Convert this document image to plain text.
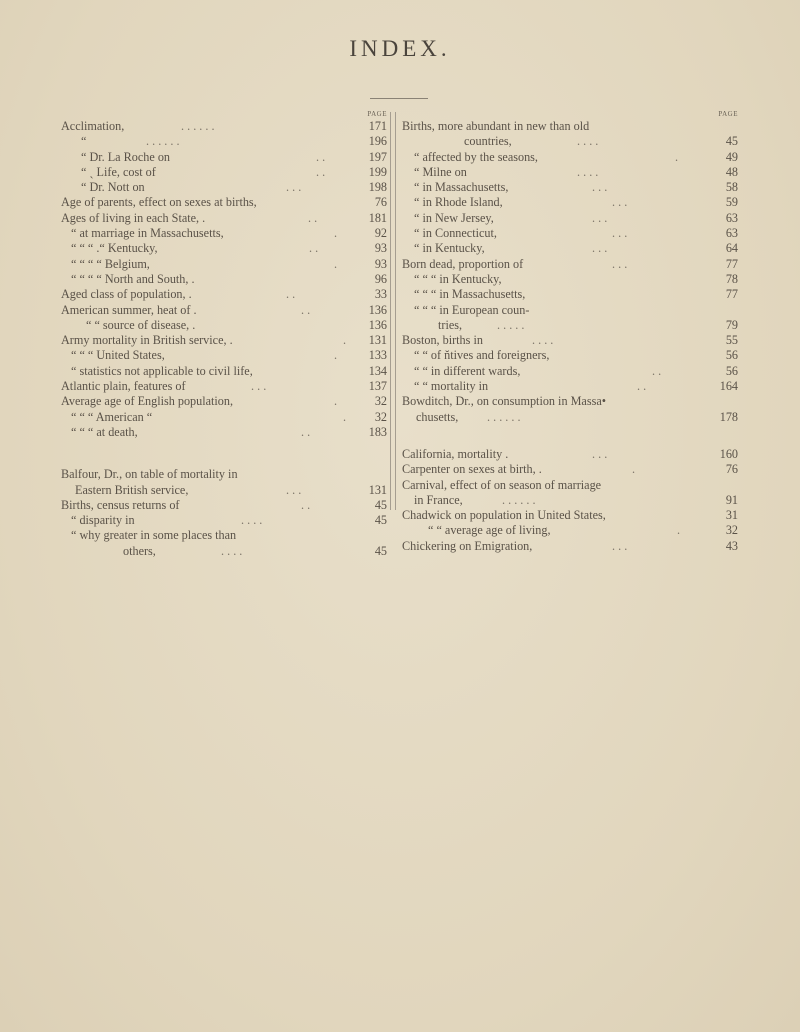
INDEX.
PAGE
Acclimation,	. . . . . .	171
“	. . . . . .	196
“ Dr. La Roche on	. .	197
“ ˎ Life, cost of	. .	199
“ Dr. Nott on	. . .	198
Age of parents, effect on sexes at births,	76
Ages of living in each State, .	. .	181
“ at marriage in Massachusetts,	.	92
“ “ “ .“ Kentucky,	. .	93
“ “ “ “ Belgium,	.	93
“ “ “ “ North and South, .	96
Aged class of population, .	. .	33
American summer, heat of .	. .	136
“ “ source of disease, .	136
Army mortality in British service, .	. 131
“ “ “ United States,	.	133
“ statistics not applicable to civil life,	134
Atlantic plain, features of	. . .	137
Average age of English population,	.	32
“ “ “ American “	. 32
“ “ “ at death,	. .	183
Balfour, Dr., on table of mortality in
Eastern British service,	. . .	131
Births, census returns of	. .	45
“ disparity in	. . . .	45
“ why greater in some places than
others,	. . . .	45
PAGE
Births, more abundant in new than old
countries,	. . . .	45
“ affected by the seasons,	.	49
“ Milne on	. . . .	48
“ in Massachusetts,	. . .	58
“ in Rhode Island,	. . .	59
“ in New Jersey,	. . .	63
“ in Connecticut,	. . .	63
“ in Kentucky,	. . .	64
Born dead, proportion of	. . .	77
“ “ “ in Kentucky,	78
“ “ “ in Massachusetts,	77
“ “ “ in European coun-
tries,	. . . . .	79
Boston, births in	. . . .	55
“ “ of n̆tives and foreigners,	56
“ “ in different wards,	. .	56
“ “ mortality in	. .	164
Bowditch, Dr., on consumption in Massa•
chusetts, . . . . . .	178
California, mortality .	. . .	160
Carpenter on sexes at birth, .	.	76
Carnival, effect of on season of marriage
in France,	. . . . . .	91
Chadwick on population in United States,	31
“ “ average age of living,	.	32
Chickering on Emigration,	. . .	43
